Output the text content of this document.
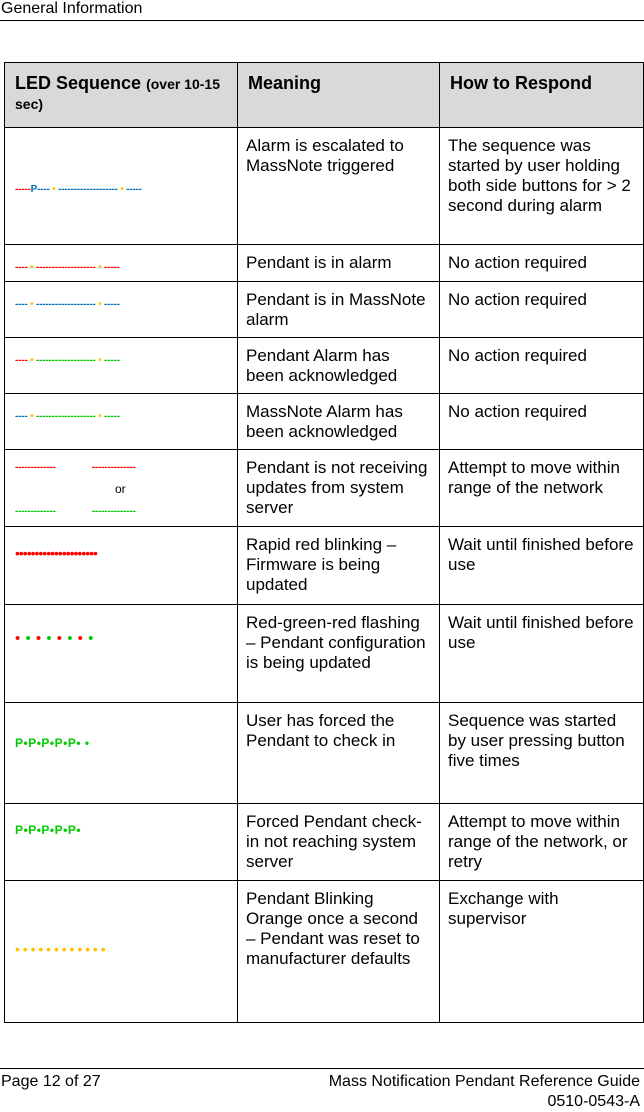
General Information
LED Sequence (over 10-15 sec)	Meaning	How to Respond

-----P---- • ------------------- • -----	Alarm is escalated to MassNote triggered	The sequence was started by user holding both side buttons for > 2 second during alarm

---- • ------------------- • -----	Pendant is in alarm	No action required

---- • ------------------- • -----	Pendant is in MassNote alarm	No action required

---- • ------------------- • -----	Pendant Alarm has been acknowledged	No action required

---- • ------------------- • -----	MassNote Alarm has been acknowledged	No action required

-------------              --------------
or
-------------              --------------	Pendant is not receiving updates from system server	Attempt to move within range of the network

•••••••••••••••••••••	Rapid red blinking – Firmware is being updated	Wait until finished before use

• • • • • • • •	Red-green-red flashing – Pendant configuration is being updated	Wait until finished before use

P•P•P•P•P• •	User has forced the Pendant to check in	Sequence was started by user pressing button five times

P•P•P•P•P•	Forced Pendant check-in not reaching system server	Attempt to move within range of the network, or retry

• • • • • • • • • • • •	Pendant Blinking Orange once a second – Pendant was reset to manufacturer defaults	Exchange with supervisor
Page 12 of 27	Mass Notification Pendant Reference Guide
0510-0543-A
